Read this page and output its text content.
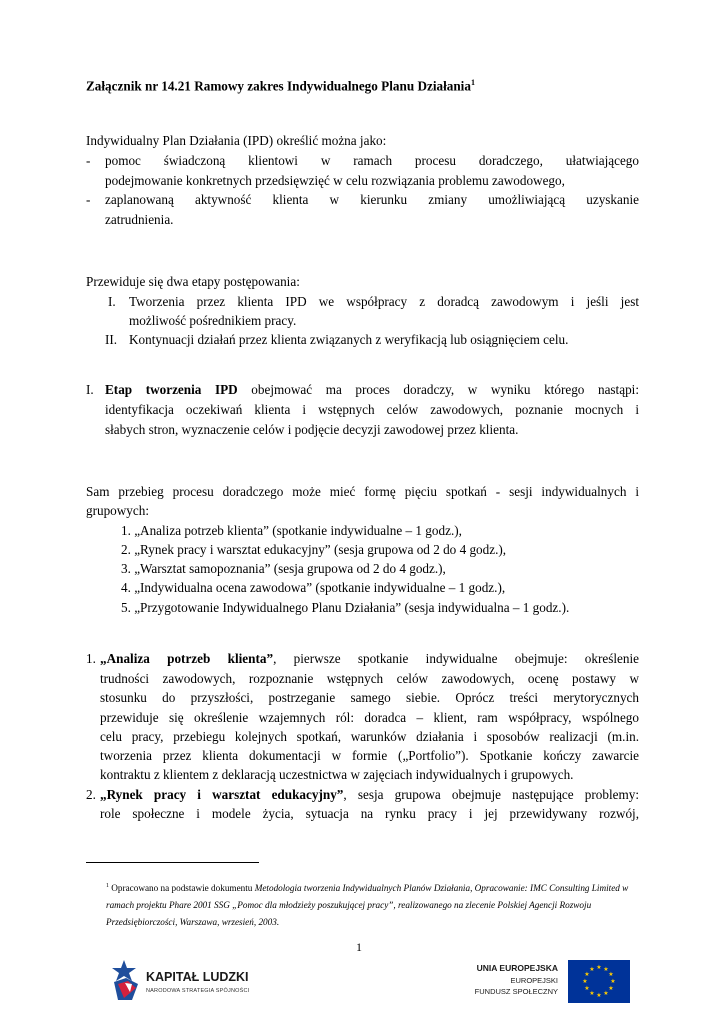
Załącznik nr 14.21 Ramowy zakres Indywidualnego Planu Działania$^1$
Indywidualny Plan Działania (IPD) określić można jako:
- pomoc świadczoną klientowi w ramach procesu doradczego, ułatwiającego
podejmowanie konkretnych przedsięwzięć w celu rozwiązania problemu zawodowego,
- zaplanowaną aktywność klienta w kierunku zmiany umożliwiającą uzyskanie
zatrudnienia.
Przewiduje się dwa etapy postępowania:
I. Tworzenia przez klienta IPD we współpracy z doradcą zawodowym i jeśli jest
możliwość pośrednikiem pracy.
II. Kontynuacji działań przez klienta związanych z weryfikacją lub osiągnięciem celu.
I. Etap tworzenia IPD obejmować ma proces doradczy, w wyniku którego nastąpi:
identyfikacja oczekiwań klienta i wstępnych celów zawodowych, poznanie mocnych i
słabych stron, wyznaczenie celów i podjęcie decyzji zawodowej przez klienta.
Sam przebieg procesu doradczego może mieć formę pięciu spotkań - sesji indywidualnych i
grupowych:
1. „Analiza potrzeb klienta” (spotkanie indywidualne – 1 godz.),
2. „Rynek pracy i warsztat edukacyjny” (sesja grupowa od 2 do 4 godz.),
3. „Warsztat samopoznania” (sesja grupowa od 2 do 4 godz.),
4. „Indywidualna ocena zawodowa” (spotkanie indywidualne – 1 godz.),
5. „Przygotowanie Indywidualnego Planu Działania” (sesja indywidualna – 1 godz.).
1. „Analiza potrzeb klienta”, pierwsze spotkanie indywidualne obejmuje: określenie
trudności zawodowych, rozpoznanie wstępnych celów zawodowych, ocenę postawy w
stosunku do przyszłości, postrzeganie samego siebie. Oprócz treści merytorycznych
przewiduje się określenie wzajemnych ról: doradca – klient, ram współpracy, wspólnego
celu pracy, przebiegu kolejnych spotkań, warunków działania i sposobów realizacji (m.in.
tworzenia przez klienta dokumentacji w formie („Portfolio”). Spotkanie kończy zawarcie
kontraktu z klientem z deklaracją uczestnictwa w zajęciach indywidualnych i grupowych.
2. „Rynek pracy i warsztat edukacyjny”, sesja grupowa obejmuje następujące problemy:
role społeczne i modele życia, sytuacja na rynku pracy i jej przewidywany rozwój,
$^1$ Opracowano na podstawie dokumentu Metodologia tworzenia Indywidualnych Planów Działania, Opracowanie: IMC Consulting Limited w ramach projektu Phare 2001 SSG „Pomoc dla młodzieży poszukującej pracy”, realizowanego na zlecenie Polskiej Agencji Rozwoju Przedsiębiorczości, Warszawa, wrzesień, 2003.
1
KAPITAŁ LUDZKI
NARODOWA STRATEGIA SPÓJNOŚCI
UNIA EUROPEJSKA
EUROPEJSKI
FUNDUSZ SPOŁECZNY
★ ★
★
★
★
★
★
★
★
★
★
★
